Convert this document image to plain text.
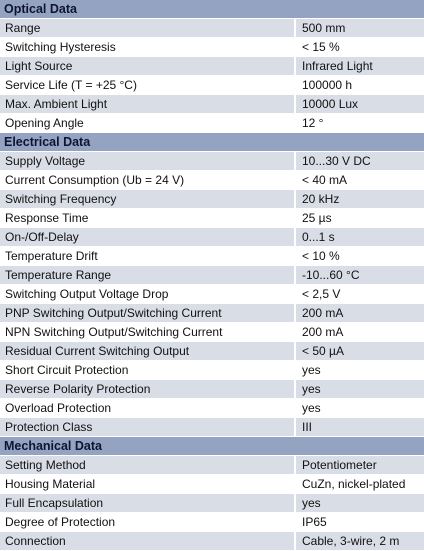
Optical Data
Range	500 mm
Switching Hysteresis	< 15 %
Light Source	Infrared Light
Service Life (T = +25 °C)	100000 h
Max. Ambient Light	10000 Lux
Opening Angle	12 °
Electrical Data
Supply Voltage	10...30 V DC
Current Consumption (Ub = 24 V)	< 40 mA
Switching Frequency	20 kHz
Response Time	25 µs
On-/Off-Delay	0...1 s
Temperature Drift	< 10 %
Temperature Range	-10...60 °C
Switching Output Voltage Drop	< 2,5 V
PNP Switching Output/Switching Current	200 mA
NPN Switching Output/Switching Current	200 mA
Residual Current Switching Output	< 50 µA
Short Circuit Protection	yes
Reverse Polarity Protection	yes
Overload Protection	yes
Protection Class	III
Mechanical Data
Setting Method	Potentiometer
Housing Material	CuZn, nickel-plated
Full Encapsulation	yes
Degree of Protection	IP65
Connection	Cable, 3-wire, 2 m
